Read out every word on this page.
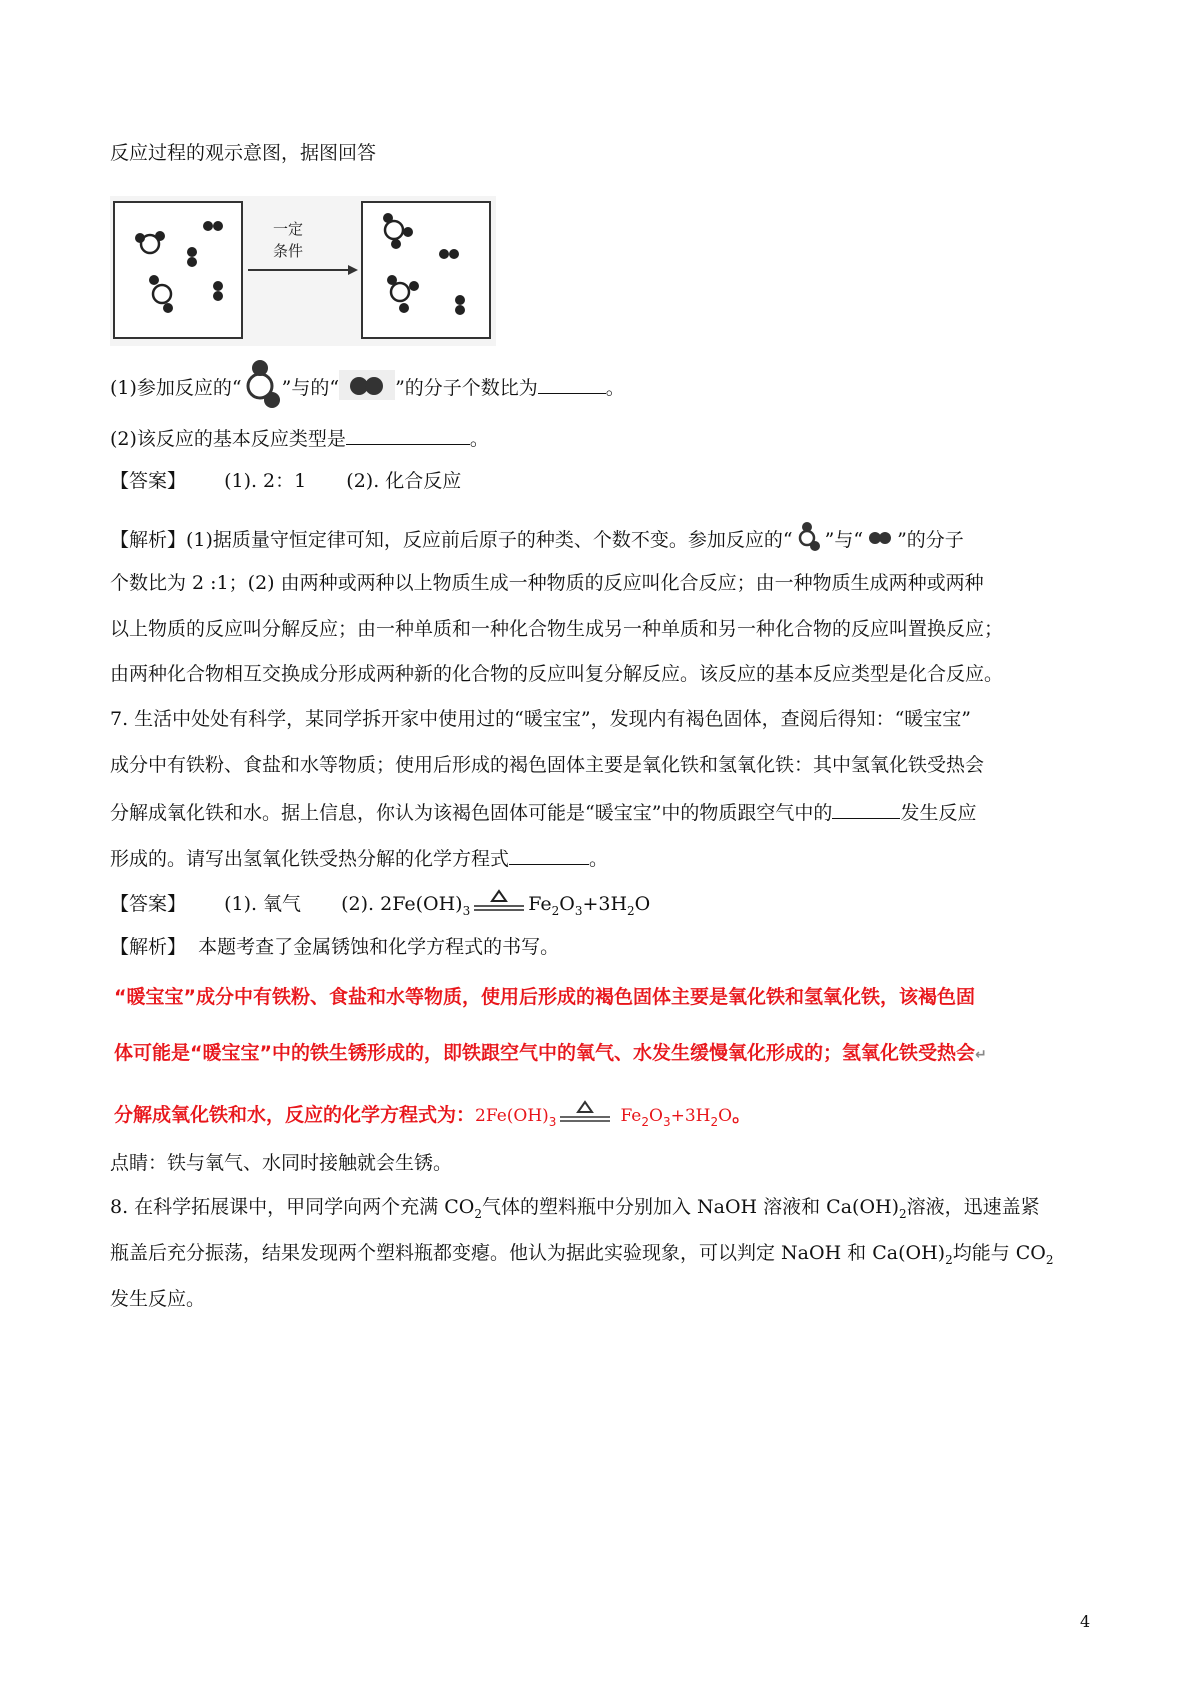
反应过程的观示意图，据图回答
一定
条件
(1)参加反应的“ ”与的“	”的分子个数比为	。
(2)该反应的基本反应类型是	。
【答案】 (1). 2：1 (2). 化合反应
【解析】(1)据质量守恒定律可知，反应前后原子的种类、个数不变。参加反应的“ ”与“ ”的分子
个数比为 2 :1；(2) 由两种或两种以上物质生成一种物质的反应叫化合反应；由一种物质生成两种或两种
以上物质的反应叫分解反应；由一种单质和一种化合物生成另一种单质和另一种化合物的反应叫置换反应；
由两种化合物相互交换成分形成两种新的化合物的反应叫复分解反应。该反应的基本反应类型是化合反应。
7. 生活中处处有科学，某同学拆开家中使用过的“暖宝宝”，发现内有褐色固体，查阅后得知：“暖宝宝”
成分中有铁粉、食盐和水等物质；使用后形成的褐色固体主要是氧化铁和氢氧化铁：其中氢氧化铁受热会
分解成氧化铁和水。据上信息，你认为该褐色固体可能是“暖宝宝”中的物质跟空气中的	发生反应
形成的。请写出氢氧化铁受热分解的化学方程式	。
【答案】 (1). 氧气 (2). $2Fe(OH)_3$	$Fe_2O_3+3H_2O$
【解析】 本题考查了金属锈蚀和化学方程式的书写。
“暖宝宝”成分中有铁粉、食盐和水等物质，使用后形成的褐色固体主要是氧化铁和氢氧化铁，该褐色固
体可能是“暖宝宝”中的铁生锈形成的，即铁跟空气中的氧气、水发生缓慢氧化形成的；氢氧化铁受热会↵
分解成氧化铁和水，反应的化学方程式为：$2Fe(OH)_3$	$Fe_2O_3+3H_2O$。
点睛：铁与氧气、水同时接触就会生锈。
8. 在科学拓展课中，甲同学向两个充满 $CO_2$气体的塑料瓶中分别加入 NaOH 溶液和 $Ca(OH)_2$溶液，迅速盖紧
瓶盖后充分振荡，结果发现两个塑料瓶都变瘪。他认为据此实验现象，可以判定 NaOH 和 $Ca(OH)_2$均能与 $CO_2$
发生反应。
4
